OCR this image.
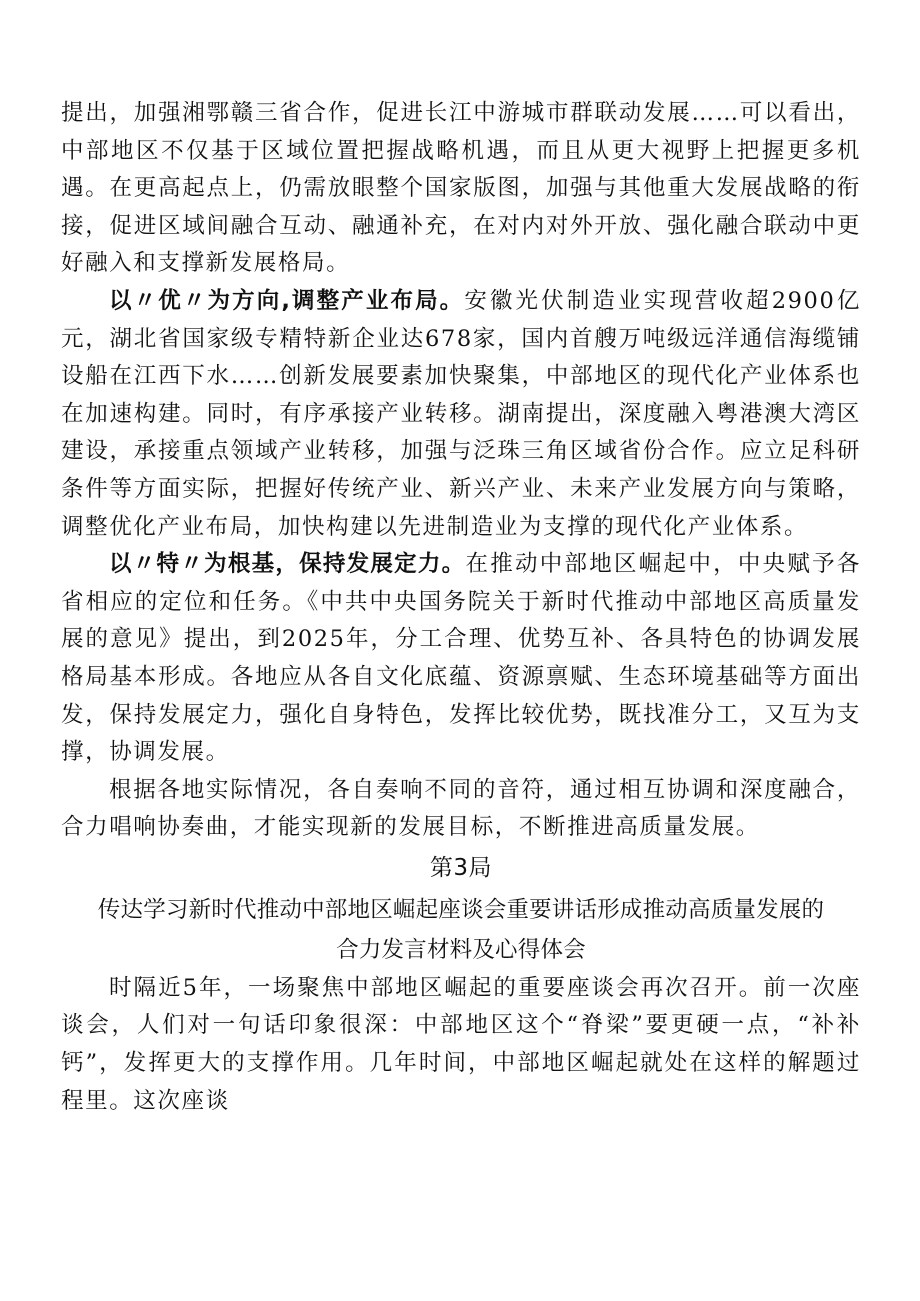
提出，加强湘鄂赣三省合作，促进长江中游城市群联动发展……可以看出，中部地区不仅基于区域位置把握战略机遇，而且从更大视野上把握更多机遇。在更高起点上，仍需放眼整个国家版图，加强与其他重大发展战略的衔接，促进区域间融合互动、融通补充，在对内对外开放、强化融合联动中更好融入和支撑新发展格局。

以〃优〃为方向,调整产业布局。安徽光伏制造业实现营收超2900亿元，湖北省国家级专精特新企业达678家，国内首艘万吨级远洋通信海缆铺设船在江西下水……创新发展要素加快聚集，中部地区的现代化产业体系也在加速构建。同时，有序承接产业转移。湖南提出，深度融入粤港澳大湾区建设，承接重点领域产业转移，加强与泛珠三角区域省份合作。应立足科研条件等方面实际，把握好传统产业、新兴产业、未来产业发展方向与策略，调整优化产业布局，加快构建以先进制造业为支撑的现代化产业体系。

以〃特〃为根基，保持发展定力。在推动中部地区崛起中，中央赋予各省相应的定位和任务。《中共中央国务院关于新时代推动中部地区高质量发展的意见》提出，到2025年，分工合理、优势互补、各具特色的协调发展格局基本形成。各地应从各自文化底蕴、资源禀赋、生态环境基础等方面出发，保持发展定力，强化自身特色，发挥比较优势，既找准分工，又互为支撑，协调发展。

根据各地实际情况，各自奏响不同的音符，通过相互协调和深度融合，合力唱响协奏曲，才能实现新的发展目标，不断推进高质量发展。

第3局
传达学习新时代推动中部地区崛起座谈会重要讲话形成推动高质量发展的
合力发言材料及心得体会

时隔近5年，一场聚焦中部地区崛起的重要座谈会再次召开。前一次座谈会，人们对一句话印象很深：中部地区这个“脊梁”要更硬一点，“补补钙”，发挥更大的支撑作用。几年时间，中部地区崛起就处在这样的解题过程里。这次座谈
